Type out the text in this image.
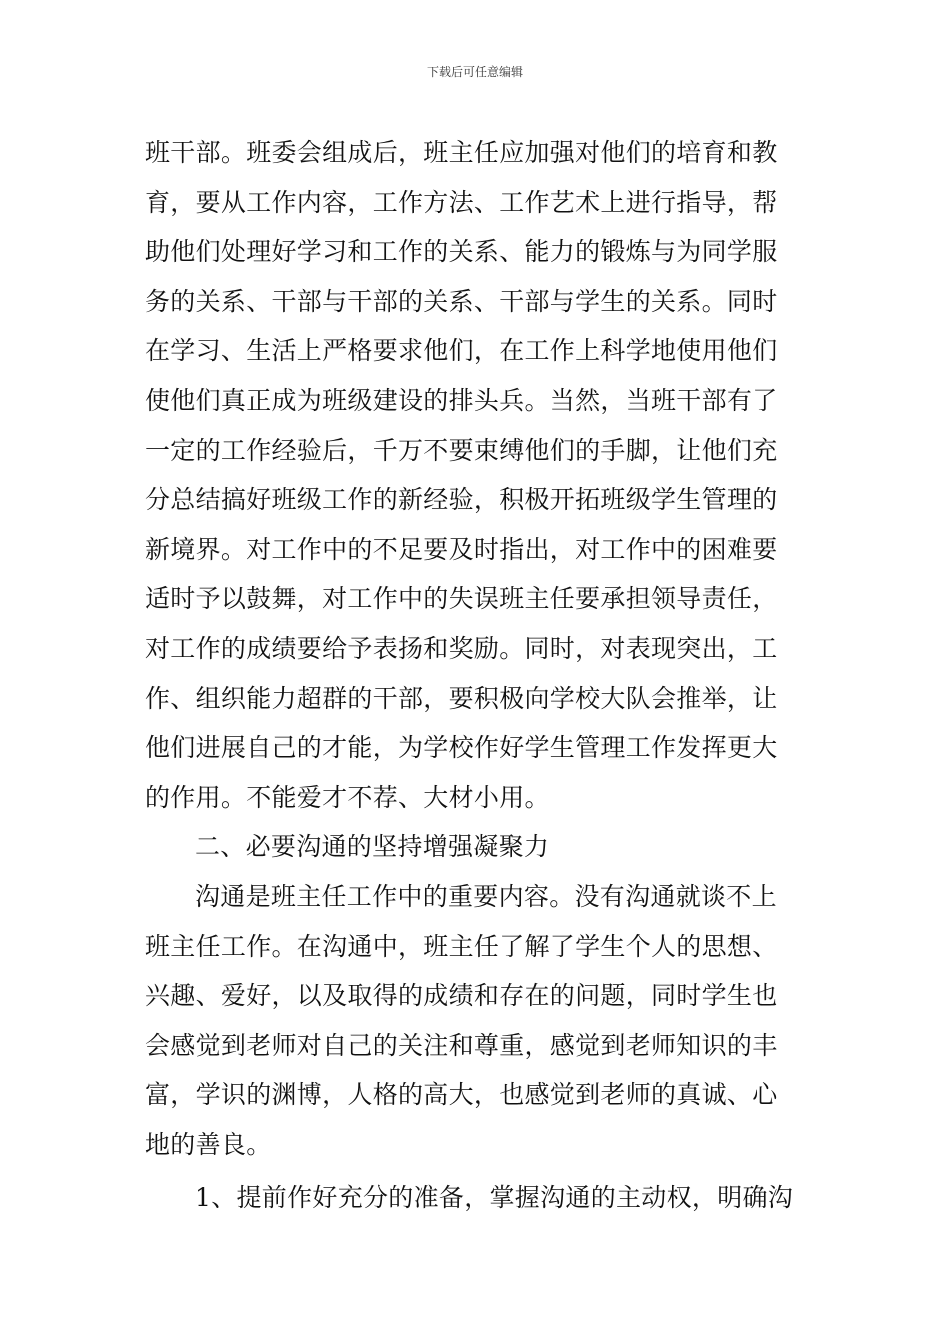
下载后可任意编辑
班干部。班委会组成后，班主任应加强对他们的培育和教
育，要从工作内容，工作方法、工作艺术上进行指导，帮
助他们处理好学习和工作的关系、能力的锻炼与为同学服
务的关系、干部与干部的关系、干部与学生的关系。同时
在学习、生活上严格要求他们，在工作上科学地使用他们
使他们真正成为班级建设的排头兵。当然，当班干部有了
一定的工作经验后，千万不要束缚他们的手脚，让他们充
分总结搞好班级工作的新经验，积极开拓班级学生管理的
新境界。对工作中的不足要及时指出，对工作中的困难要
适时予以鼓舞，对工作中的失误班主任要承担领导责任，
对工作的成绩要给予表扬和奖励。同时，对表现突出，工
作、组织能力超群的干部，要积极向学校大队会推举，让
他们进展自己的才能，为学校作好学生管理工作发挥更大
的作用。不能爱才不荐、大材小用。
二、必要沟通的坚持增强凝聚力
沟通是班主任工作中的重要内容。没有沟通就谈不上
班主任工作。在沟通中，班主任了解了学生个人的思想、
兴趣、爱好，以及取得的成绩和存在的问题，同时学生也
会感觉到老师对自己的关注和尊重，感觉到老师知识的丰
富，学识的渊博，人格的高大，也感觉到老师的真诚、心
地的善良。
1、提前作好充分的准备，掌握沟通的主动权，明确沟
